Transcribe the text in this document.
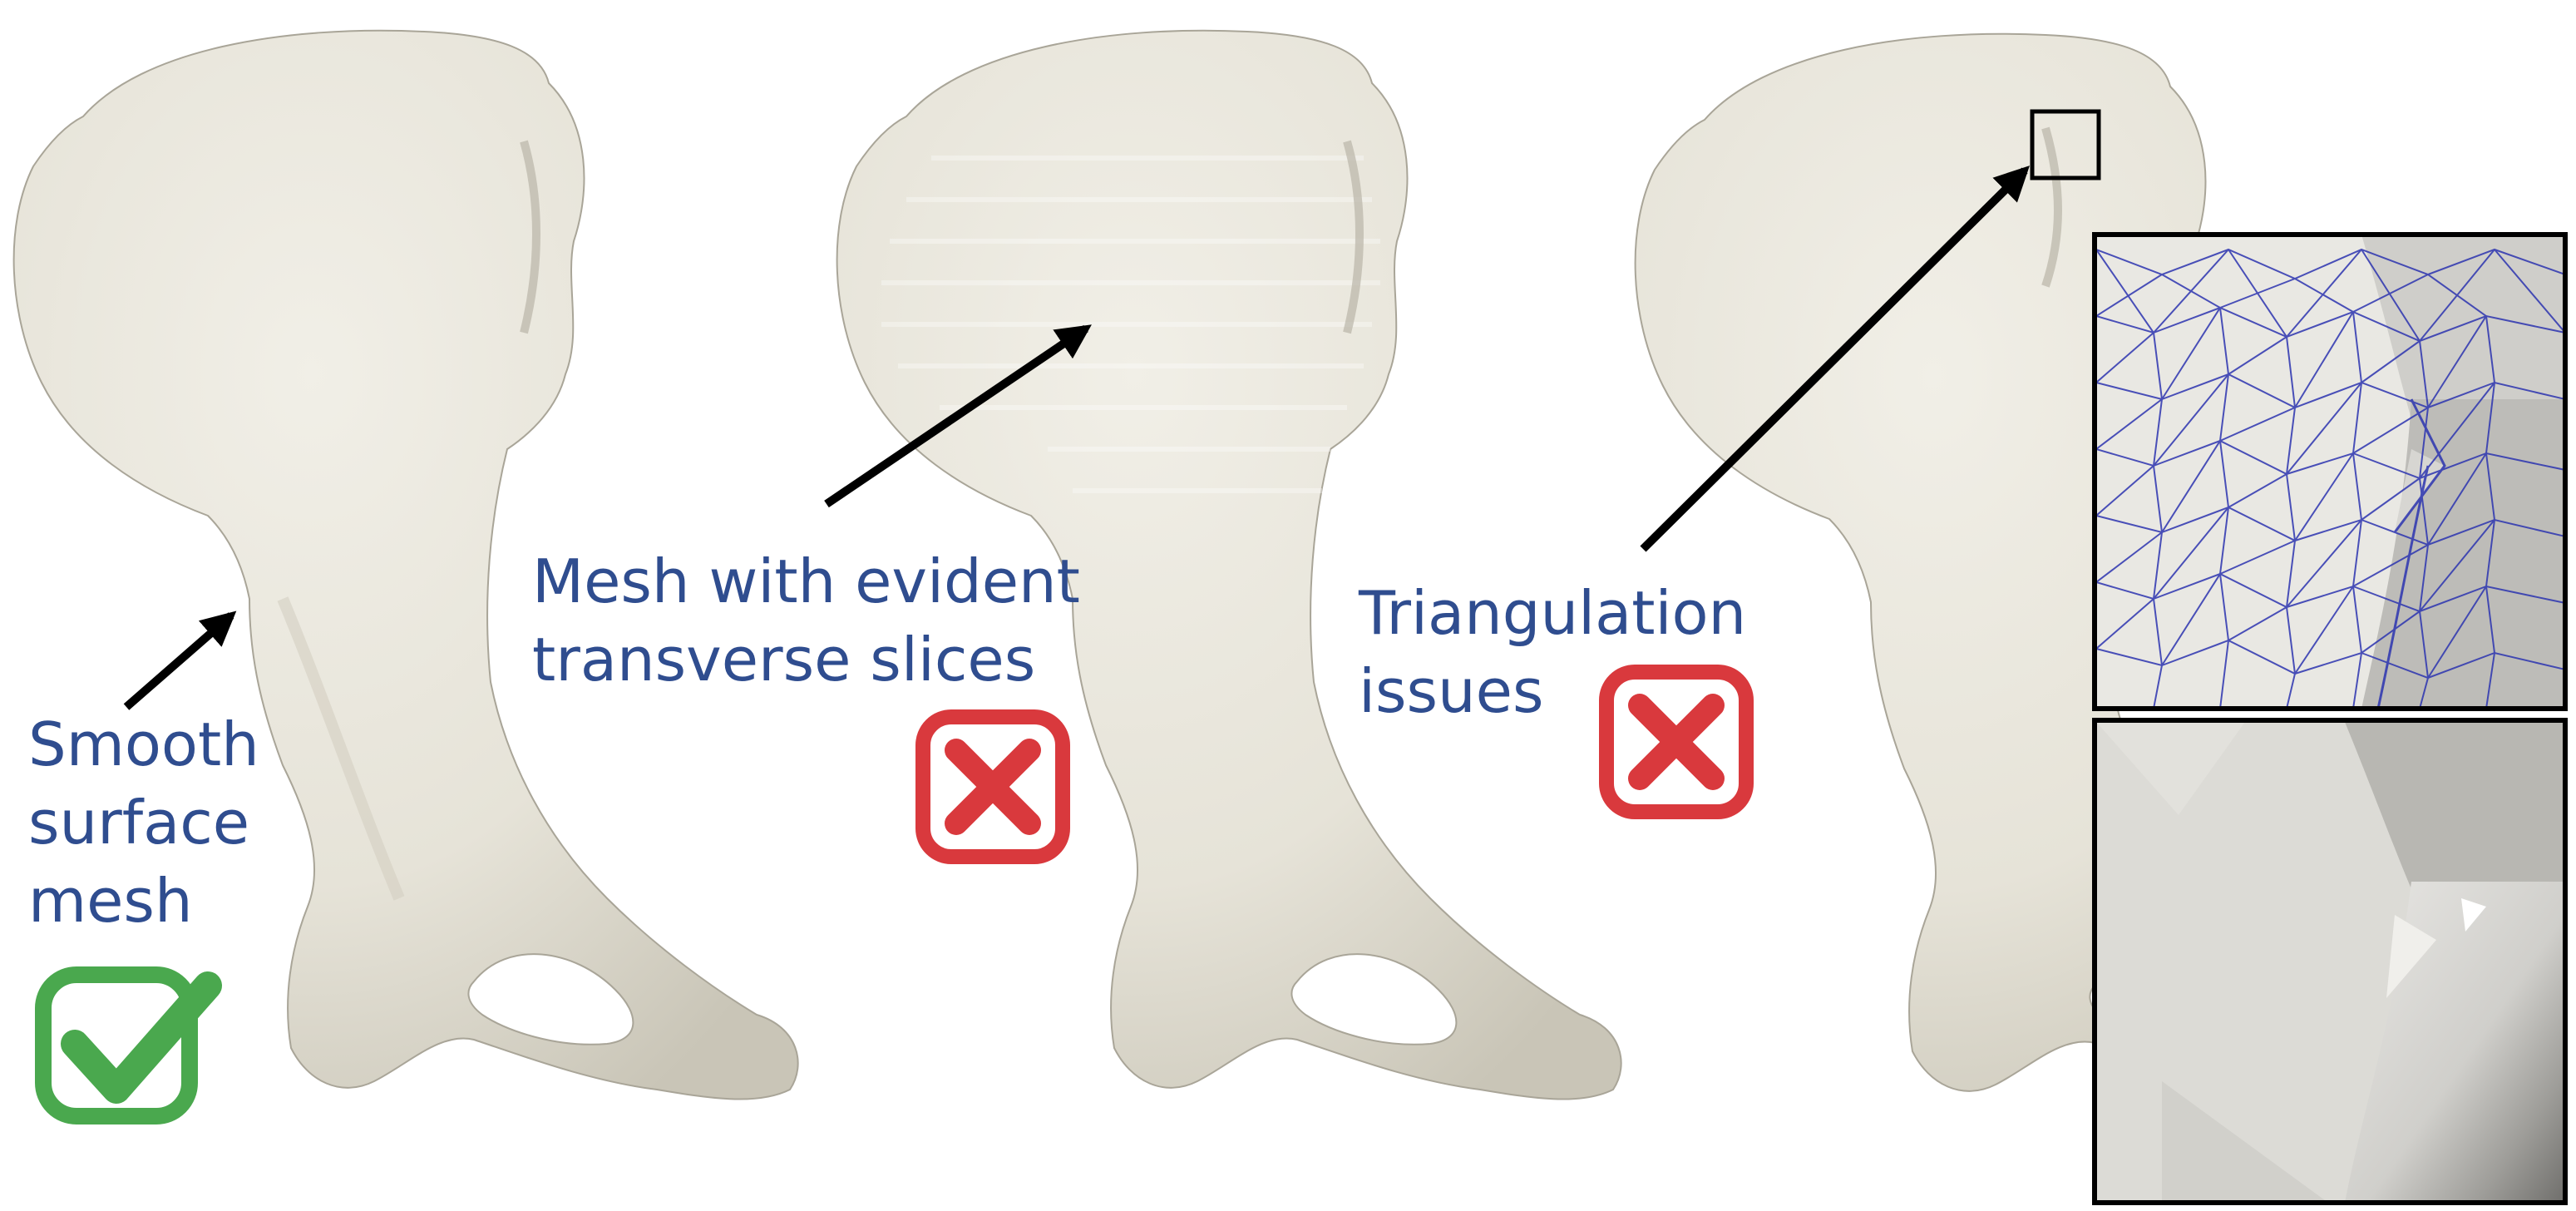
Smooth
surface
mesh
Mesh with evident
transverse slices
Triangulation
issues
